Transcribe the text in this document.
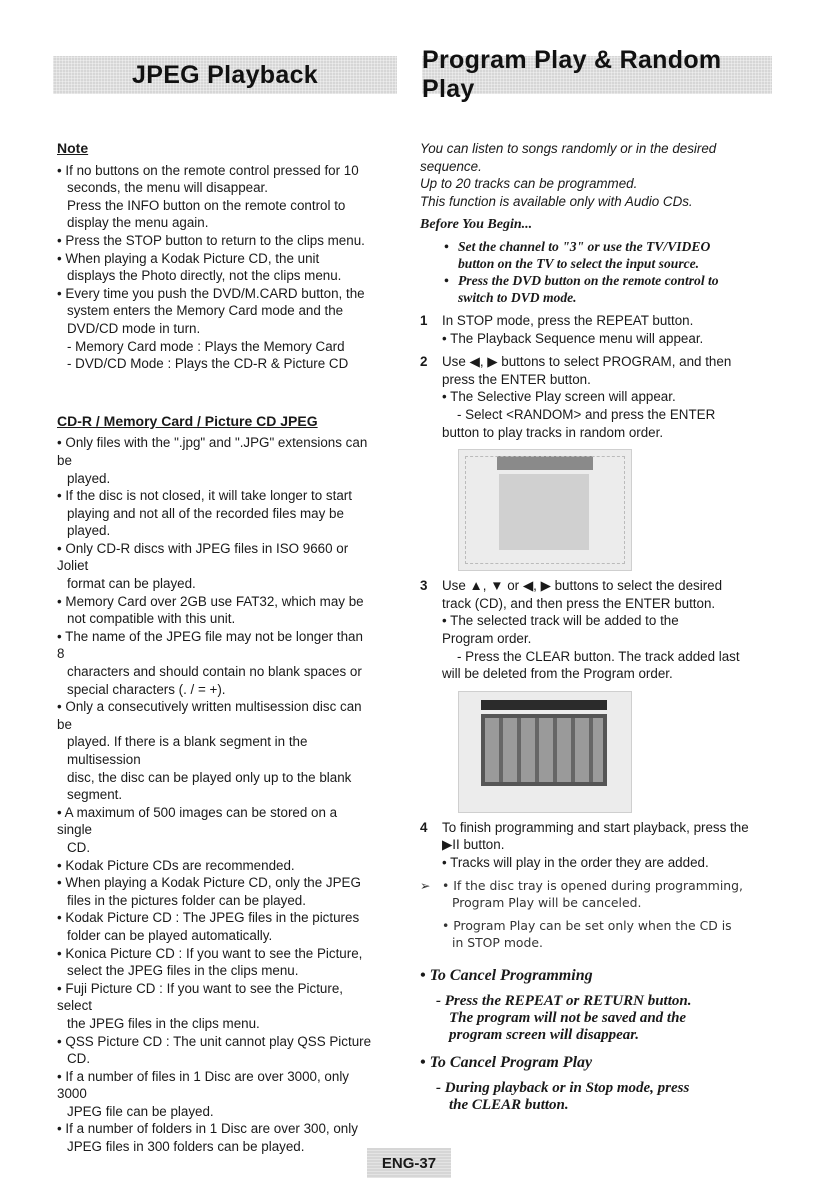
JPEG Playback
Program Play & Random Play
Note
• If no buttons on the remote control pressed for 10
seconds, the menu will disappear.
Press the INFO button on the remote control to
display the menu again.
• Press the STOP button to return to the clips menu.
• When playing a Kodak Picture CD, the unit
displays the Photo directly, not the clips menu.
• Every time you push the DVD/M.CARD button, the
system enters the Memory Card mode and the
DVD/CD mode in turn.
- Memory Card mode : Plays the Memory Card
- DVD/CD Mode : Plays the CD-R & Picture CD
CD-R / Memory Card / Picture CD JPEG
• Only files with the ".jpg" and ".JPG" extensions can be
played.
• If the disc is not closed, it will take longer to start
playing and not all of the recorded files may be
played.
• Only CD-R discs with JPEG files in ISO 9660 or Joliet
format can be played.
• Memory Card over 2GB use FAT32, which may be
not compatible with this unit.
• The name of the JPEG file may not be longer than 8
characters and should contain no blank spaces or
special characters (. / = +).
• Only a consecutively written multisession disc can be
played. If there is a blank segment in the multisession
disc, the disc can be played only up to the blank
segment.
• A maximum of 500 images can be stored on a single
CD.
• Kodak Picture CDs are recommended.
• When playing a Kodak Picture CD, only the JPEG
files in the pictures folder can be played.
• Kodak Picture CD : The JPEG files in the pictures
folder can be played automatically.
• Konica Picture CD : If you want to see the Picture,
select the JPEG files in the clips menu.
• Fuji Picture CD : If you want to see the Picture, select
the JPEG files in the clips menu.
• QSS Picture CD : The unit cannot play QSS Picture
CD.
• If a number of files in 1 Disc are over 3000, only 3000
JPEG file can be played.
• If a number of folders in 1 Disc are over 300, only
JPEG files in 300 folders can be played.
You can listen to songs randomly or in the desired
sequence.
Up to 20 tracks can be programmed.
This function is available only with Audio CDs.
Before You Begin...
• Set the channel to "3" or use the TV/VIDEO
button on the TV to select the input source.
• Press the DVD button on the remote control to
switch to DVD mode.
1	In STOP mode, press the REPEAT button.
• The Playback Sequence menu will appear.
2	Use ◀, ▶ buttons to select PROGRAM, and then
press the ENTER button.
• The Selective Play screen will appear.
- Select <RANDOM> and press the ENTER
button to play tracks in random order.
3	Use ▲, ▼ or ◀, ▶ buttons to select the desired
track (CD), and then press the ENTER button.
• The selected track will be added to the
Program order.
- Press the CLEAR button. The track added last
will be deleted from the Program order.
4	To finish programming and start playback, press the
▶II button.
• Tracks will play in the order they are added.
➢ • If the disc tray is opened during programming,
Program Play will be canceled.
• Program Play can be set only when the CD is
in STOP mode.
• To Cancel Programming
- Press the REPEAT or RETURN button.
The program will not be saved and the
program screen will disappear.
• To Cancel Program Play
- During playback or in Stop mode, press
the CLEAR button.
ENG-37
